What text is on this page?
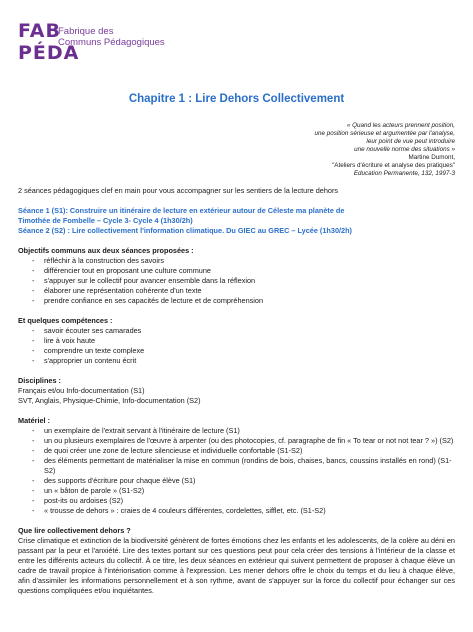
FAB
PÉDA
Fabrique des
Communs Pédagogiques
Chapitre 1 : Lire Dehors Collectivement
« Quand les acteurs prennent position,
une position sérieuse et argumentée par l'analyse,
leur point de vue peut introduire
une nouvelle norme des situations »
Martine Dumont,
"Ateliers d'écriture et analyse des pratiques"
Education Permanente, 132, 1997-3

2 séances pédagogiques clef en main pour vous accompagner sur les sentiers de la lecture dehors

Séance 1 (S1): Construire un itinéraire de lecture en extérieur autour de Céleste ma planète de

Timothée de Fombelle – Cycle 3- Cycle 4 (1h30/2h)

Séance 2 (S2) : Lire collectivement l'information climatique. Du GIEC au GREC – Lycée (1h30/2h)

Objectifs communs aux deux séances proposées :

- réfléchir à la construction des savoirs
- différencier tout en proposant une culture commune
- s'appuyer sur le collectif pour avancer ensemble dans la réflexion
- élaborer une représentation cohérente d'un texte
- prendre confiance en ses capacités de lecture et de compréhension

Et quelques compétences :

- savoir écouter ses camarades
- lire à voix haute
- comprendre un texte complexe
- s'approprier un contenu écrit

Disciplines :

Français et/ou Info-documentation (S1)

SVT, Anglais, Physique-Chimie, Info-documentation (S2)

Matériel :

- un exemplaire de l'extrait servant à l'itinéraire de lecture (S1)
- un ou plusieurs exemplaires de l'œuvre à arpenter (ou des photocopies, cf. paragraphe de fin « To tear or not not tear ? ») (S2)
- de quoi créer une zone de lecture silencieuse et individuelle confortable (S1-S2)
- des éléments permettant de matérialiser la mise en commun (rondins de bois, chaises, bancs, coussins installés en rond) (S1-S2)
- des supports d'écriture pour chaque élève (S1)
- un « bâton de parole » (S1-S2)
- post-its ou ardoises (S2)
- « trousse de dehors » : craies de 4 couleurs différentes, cordelettes, sifflet, etc. (S1-S2)

Que lire collectivement dehors ?

Crise climatique et extinction de la biodiversité génèrent de fortes émotions chez les enfants et les adolescents, de la colère au déni en passant par la peur et l'anxiété. Lire des textes portant sur ces questions peut pour cela créer des tensions à l'intérieur de la classe et entre les différents acteurs du collectif. À ce titre, les deux séances en extérieur qui suivent permettent de proposer à chaque élève un cadre de travail propice à l'intériorisation comme à l'expression. Les mener dehors offre le choix du temps et du lieu à chaque élève, afin d'assimiler les informations personnellement et à son rythme, avant de s'appuyer sur la force du collectif pour échanger sur ces questions compliquées et/ou inquiétantes.
